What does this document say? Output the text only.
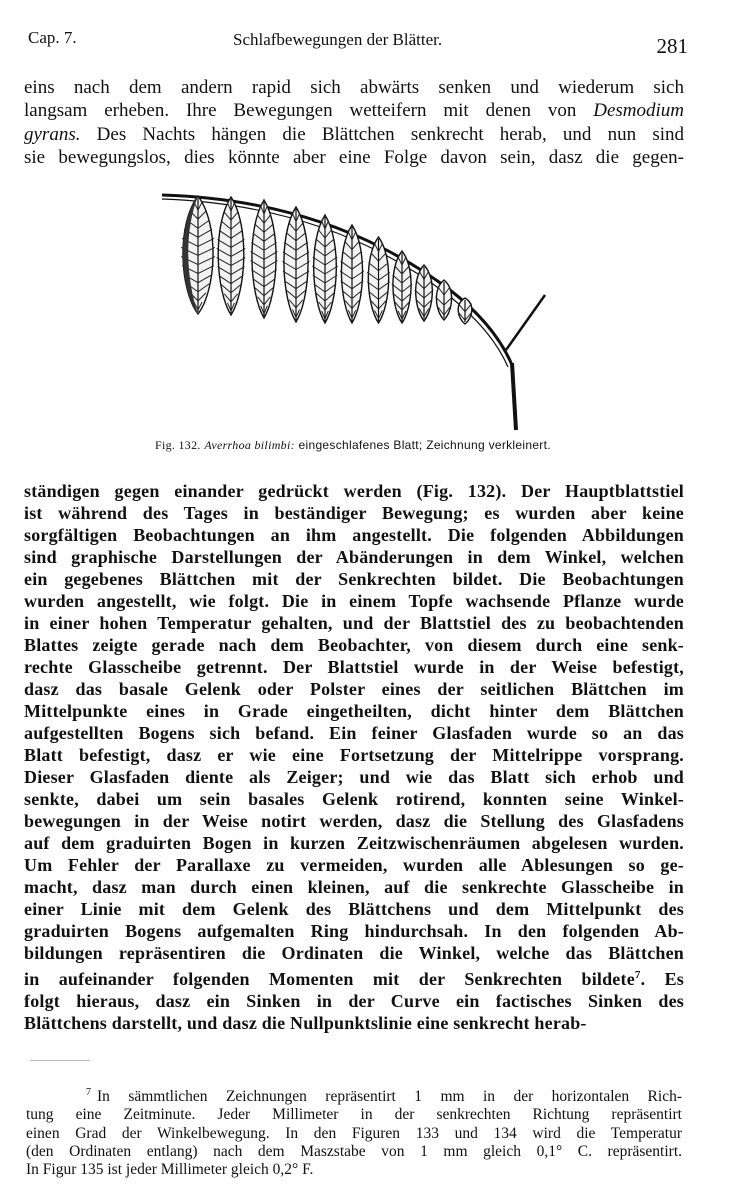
Cap. 7.	Schlafbewegungen der Blätter.	281
eins nach dem andern rapid sich abwärts senken und wiederum sich
langsam erheben. Ihre Bewegungen wetteifern mit denen von Desmodium
gyrans. Des Nachts hängen die Blättchen senkrecht herab, und nun sind
sie bewegungslos, dies könnte aber eine Folge davon sein, dasz die gegen-
Fig. 132. Averrhoa bilimbi: eingeschlafenes Blatt; Zeichnung verkleinert.
ständigen gegen einander gedrückt werden (Fig. 132). Der Hauptblattstiel
ist während des Tages in beständiger Bewegung; es wurden aber keine
sorgfältigen Beobachtungen an ihm angestellt. Die folgenden Abbildungen
sind graphische Darstellungen der Abänderungen in dem Winkel, welchen
ein gegebenes Blättchen mit der Senkrechten bildet. Die Beobachtungen
wurden angestellt, wie folgt. Die in einem Topfe wachsende Pflanze wurde
in einer hohen Temperatur gehalten, und der Blattstiel des zu beobachtenden
Blattes zeigte gerade nach dem Beobachter, von diesem durch eine senk-
rechte Glasscheibe getrennt. Der Blattstiel wurde in der Weise befestigt,
dasz das basale Gelenk oder Polster eines der seitlichen Blättchen im
Mittelpunkte eines in Grade eingetheilten, dicht hinter dem Blättchen
aufgestellten Bogens sich befand. Ein feiner Glasfaden wurde so an das
Blatt befestigt, dasz er wie eine Fortsetzung der Mittelrippe vorsprang.
Dieser Glasfaden diente als Zeiger; und wie das Blatt sich erhob und
senkte, dabei um sein basales Gelenk rotirend, konnten seine Winkel-
bewegungen in der Weise notirt werden, dasz die Stellung des Glasfadens
auf dem graduirten Bogen in kurzen Zeitzwischenräumen abgelesen wurden.
Um Fehler der Parallaxe zu vermeiden, wurden alle Ablesungen so ge-
macht, dasz man durch einen kleinen, auf die senkrechte Glasscheibe in
einer Linie mit dem Gelenk des Blättchens und dem Mittelpunkt des
graduirten Bogens aufgemalten Ring hindurchsah. In den folgenden Ab-
bildungen repräsentiren die Ordinaten die Winkel, welche das Blättchen
in aufeinander folgenden Momenten mit der Senkrechten bildete$^7$. Es
folgt hieraus, dasz ein Sinken in der Curve ein factisches Sinken des
Blättchens darstellt, und dasz die Nullpunktslinie eine senkrecht herab-
$^7$ In sämmtlichen Zeichnungen repräsentirt 1 mm in der horizontalen Rich-
tung eine Zeitminute. Jeder Millimeter in der senkrechten Richtung repräsentirt
einen Grad der Winkelbewegung. In den Figuren 133 und 134 wird die Temperatur
(den Ordinaten entlang) nach dem Maszstabe von 1 mm gleich 0,1° C. repräsentirt.
In Figur 135 ist jeder Millimeter gleich 0,2° F.
